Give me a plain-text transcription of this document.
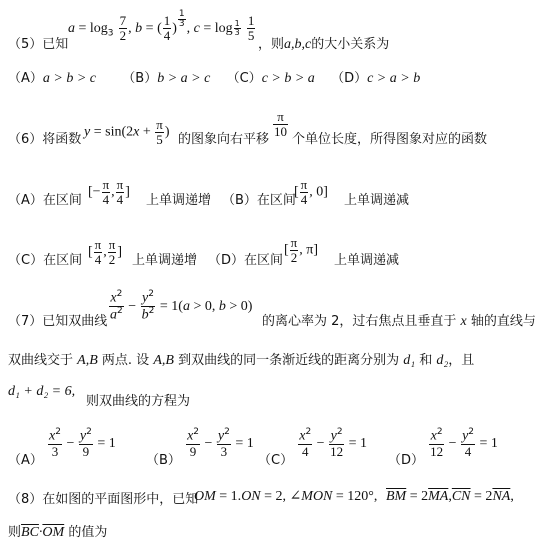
（5）已知
$a = \log_3 \frac{7}{2}$ , b = ( $\frac{1}{4}$ ) $\frac{1}{3}$ , $c = \log \frac{1}{3}$
$\frac{1}{5}$
，则a,b,c的大小关系为
（A）a > b > c （B）b > a > c （C）c > b > a （D）c > a > b
（6）将函数 $y = \sin(2x + \frac{\pi}{5}$ ) 的图象向右平移
$\frac{\pi}{10}$
个单位长度，所得图象对应的函数
（A）在区间
[− $\frac{\pi}{4}$ , $\frac{\pi}{4}$ ]
上单调递增 （B）在区间
[ $\frac{\pi}{4}$ , 0]
上单调递减
（C）在区间
[ $\frac{\pi}{4}$ , $\frac{\pi}{2}$ ]
上单调递增 （D）在区间
[ $\frac{\pi}{2}$ , π]
上单调递减
（7）已知双曲线 $\frac{x^2}{a^2} - \frac{y^2}{b^2} = 1(a > 0$, b > 0)
的离心率为 2，过右焦点且垂直于 x 轴的直线与
双曲线交于 A,B 两点. 设 A,B 到双曲线的同一条渐近线的距离分别为 d₁ 和 d₂，且
d₁ + d₂ = 6,
则双曲线的方程为
（A）
$\frac{x^2}{3} - \frac{y^2}{9} = 1$
（B）
$\frac{x^2}{9} - \frac{y^2}{3} = 1$
（C）
$\frac{x^2}{4} - \frac{y^2}{12} = 1$
（D）
$\frac{x^2}{12} - \frac{y^2}{4} = 1$
（8）在如图的平面图形中，已知
OM = 1.ON = 2, ∠MON = 120°, $\overline{BM} = 2\overline{MA},\overline{CN} = 2\overline{NA}$,
则$\overline{BC}\cdot\overline{OM}$ 的值为
